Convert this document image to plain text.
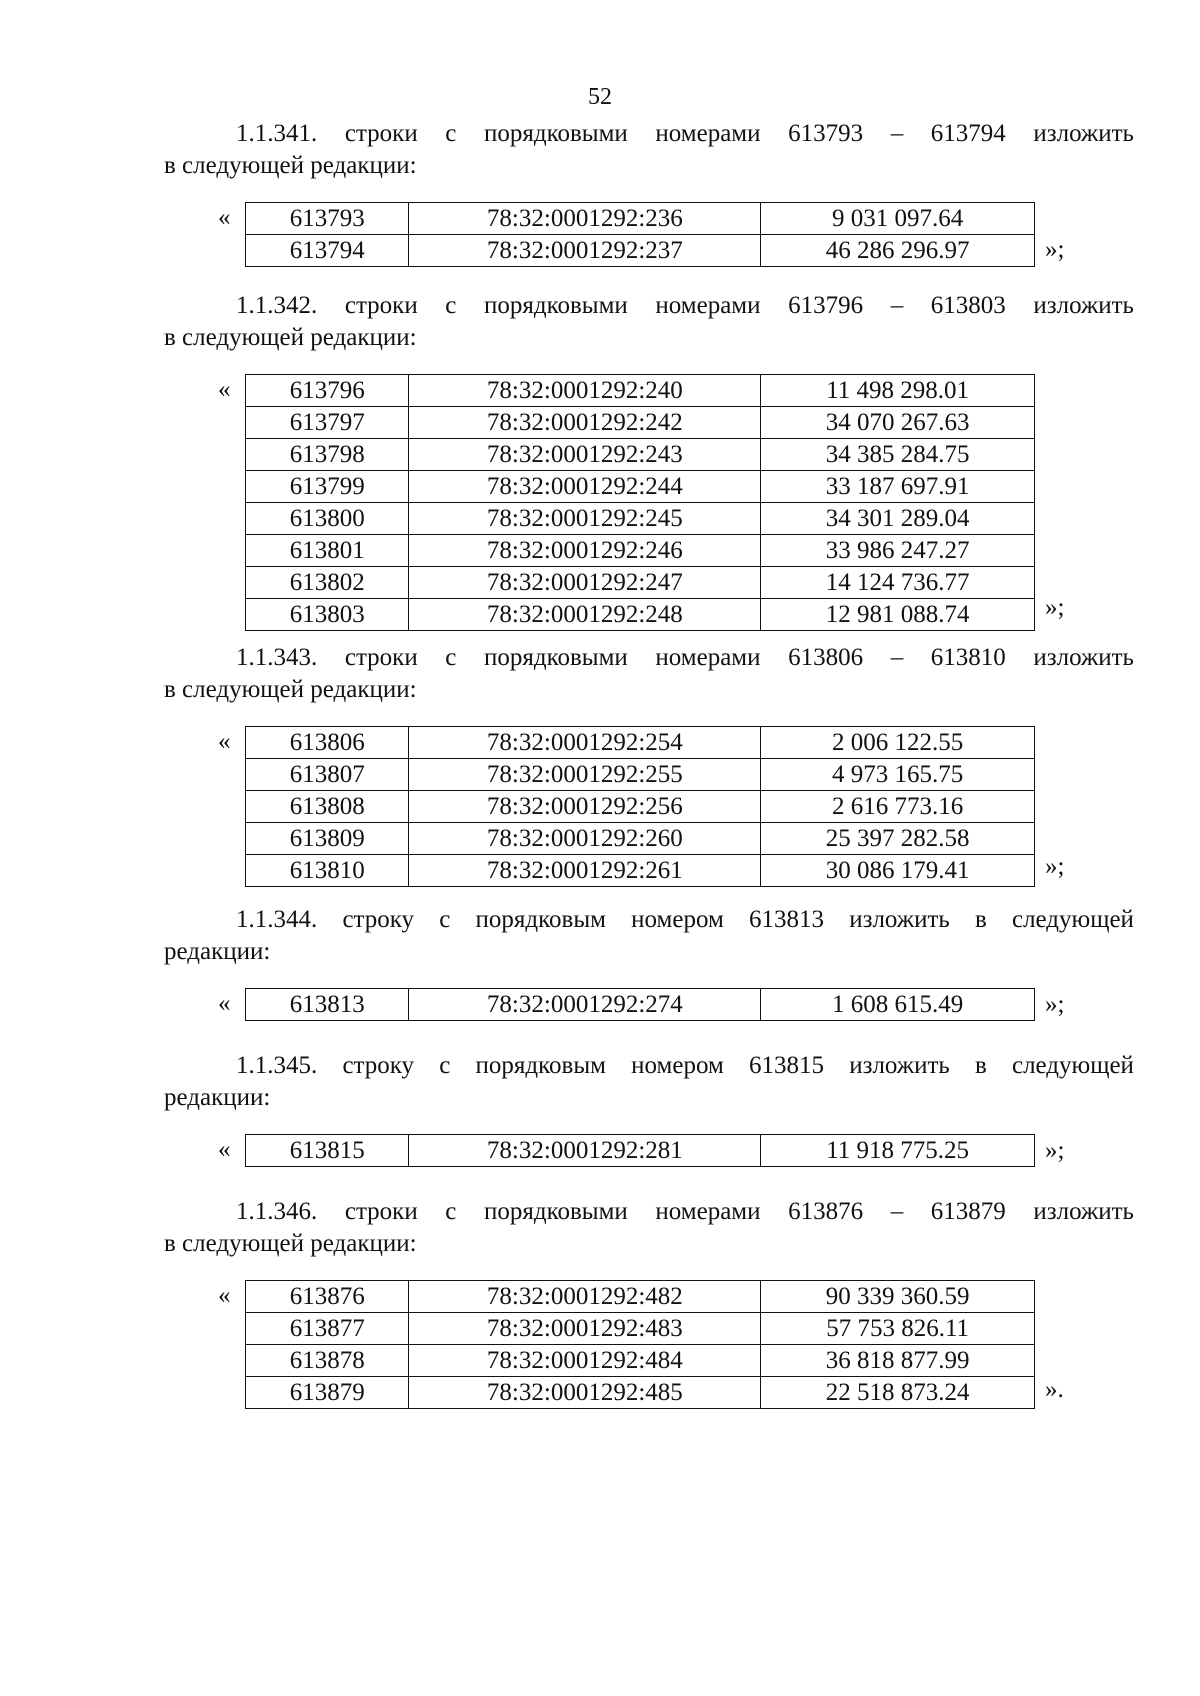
52
1.1.341. строки с порядковыми номерами 613793 – 613794 изложить
в следующей редакции:
« 613793	78:32:0001292:236	9 031 097.64
613794	78:32:0001292:237	46 286 296.97	»;
1.1.342. строки с порядковыми номерами 613796 – 613803 изложить
в следующей редакции:
« 613796	78:32:0001292:240	11 498 298.01
613797	78:32:0001292:242	34 070 267.63
613798	78:32:0001292:243	34 385 284.75
613799	78:32:0001292:244	33 187 697.91
613800	78:32:0001292:245	34 301 289.04
613801	78:32:0001292:246	33 986 247.27
613802	78:32:0001292:247	14 124 736.77
613803	78:32:0001292:248	12 981 088.74	»;
1.1.343. строки с порядковыми номерами 613806 – 613810 изложить
в следующей редакции:
« 613806	78:32:0001292:254	2 006 122.55
613807	78:32:0001292:255	4 973 165.75
613808	78:32:0001292:256	2 616 773.16
613809	78:32:0001292:260	25 397 282.58
613810	78:32:0001292:261	30 086 179.41	»;
1.1.344. строку с порядковым номером 613813 изложить в следующей
редакции:
« 613813	78:32:0001292:274	1 608 615.49	»;
1.1.345. строку с порядковым номером 613815 изложить в следующей
редакции:
« 613815	78:32:0001292:281	11 918 775.25	»;
1.1.346. строки с порядковыми номерами 613876 – 613879 изложить
в следующей редакции:
« 613876	78:32:0001292:482	90 339 360.59
613877	78:32:0001292:483	57 753 826.11
613878	78:32:0001292:484	36 818 877.99
613879	78:32:0001292:485	22 518 873.24	».
